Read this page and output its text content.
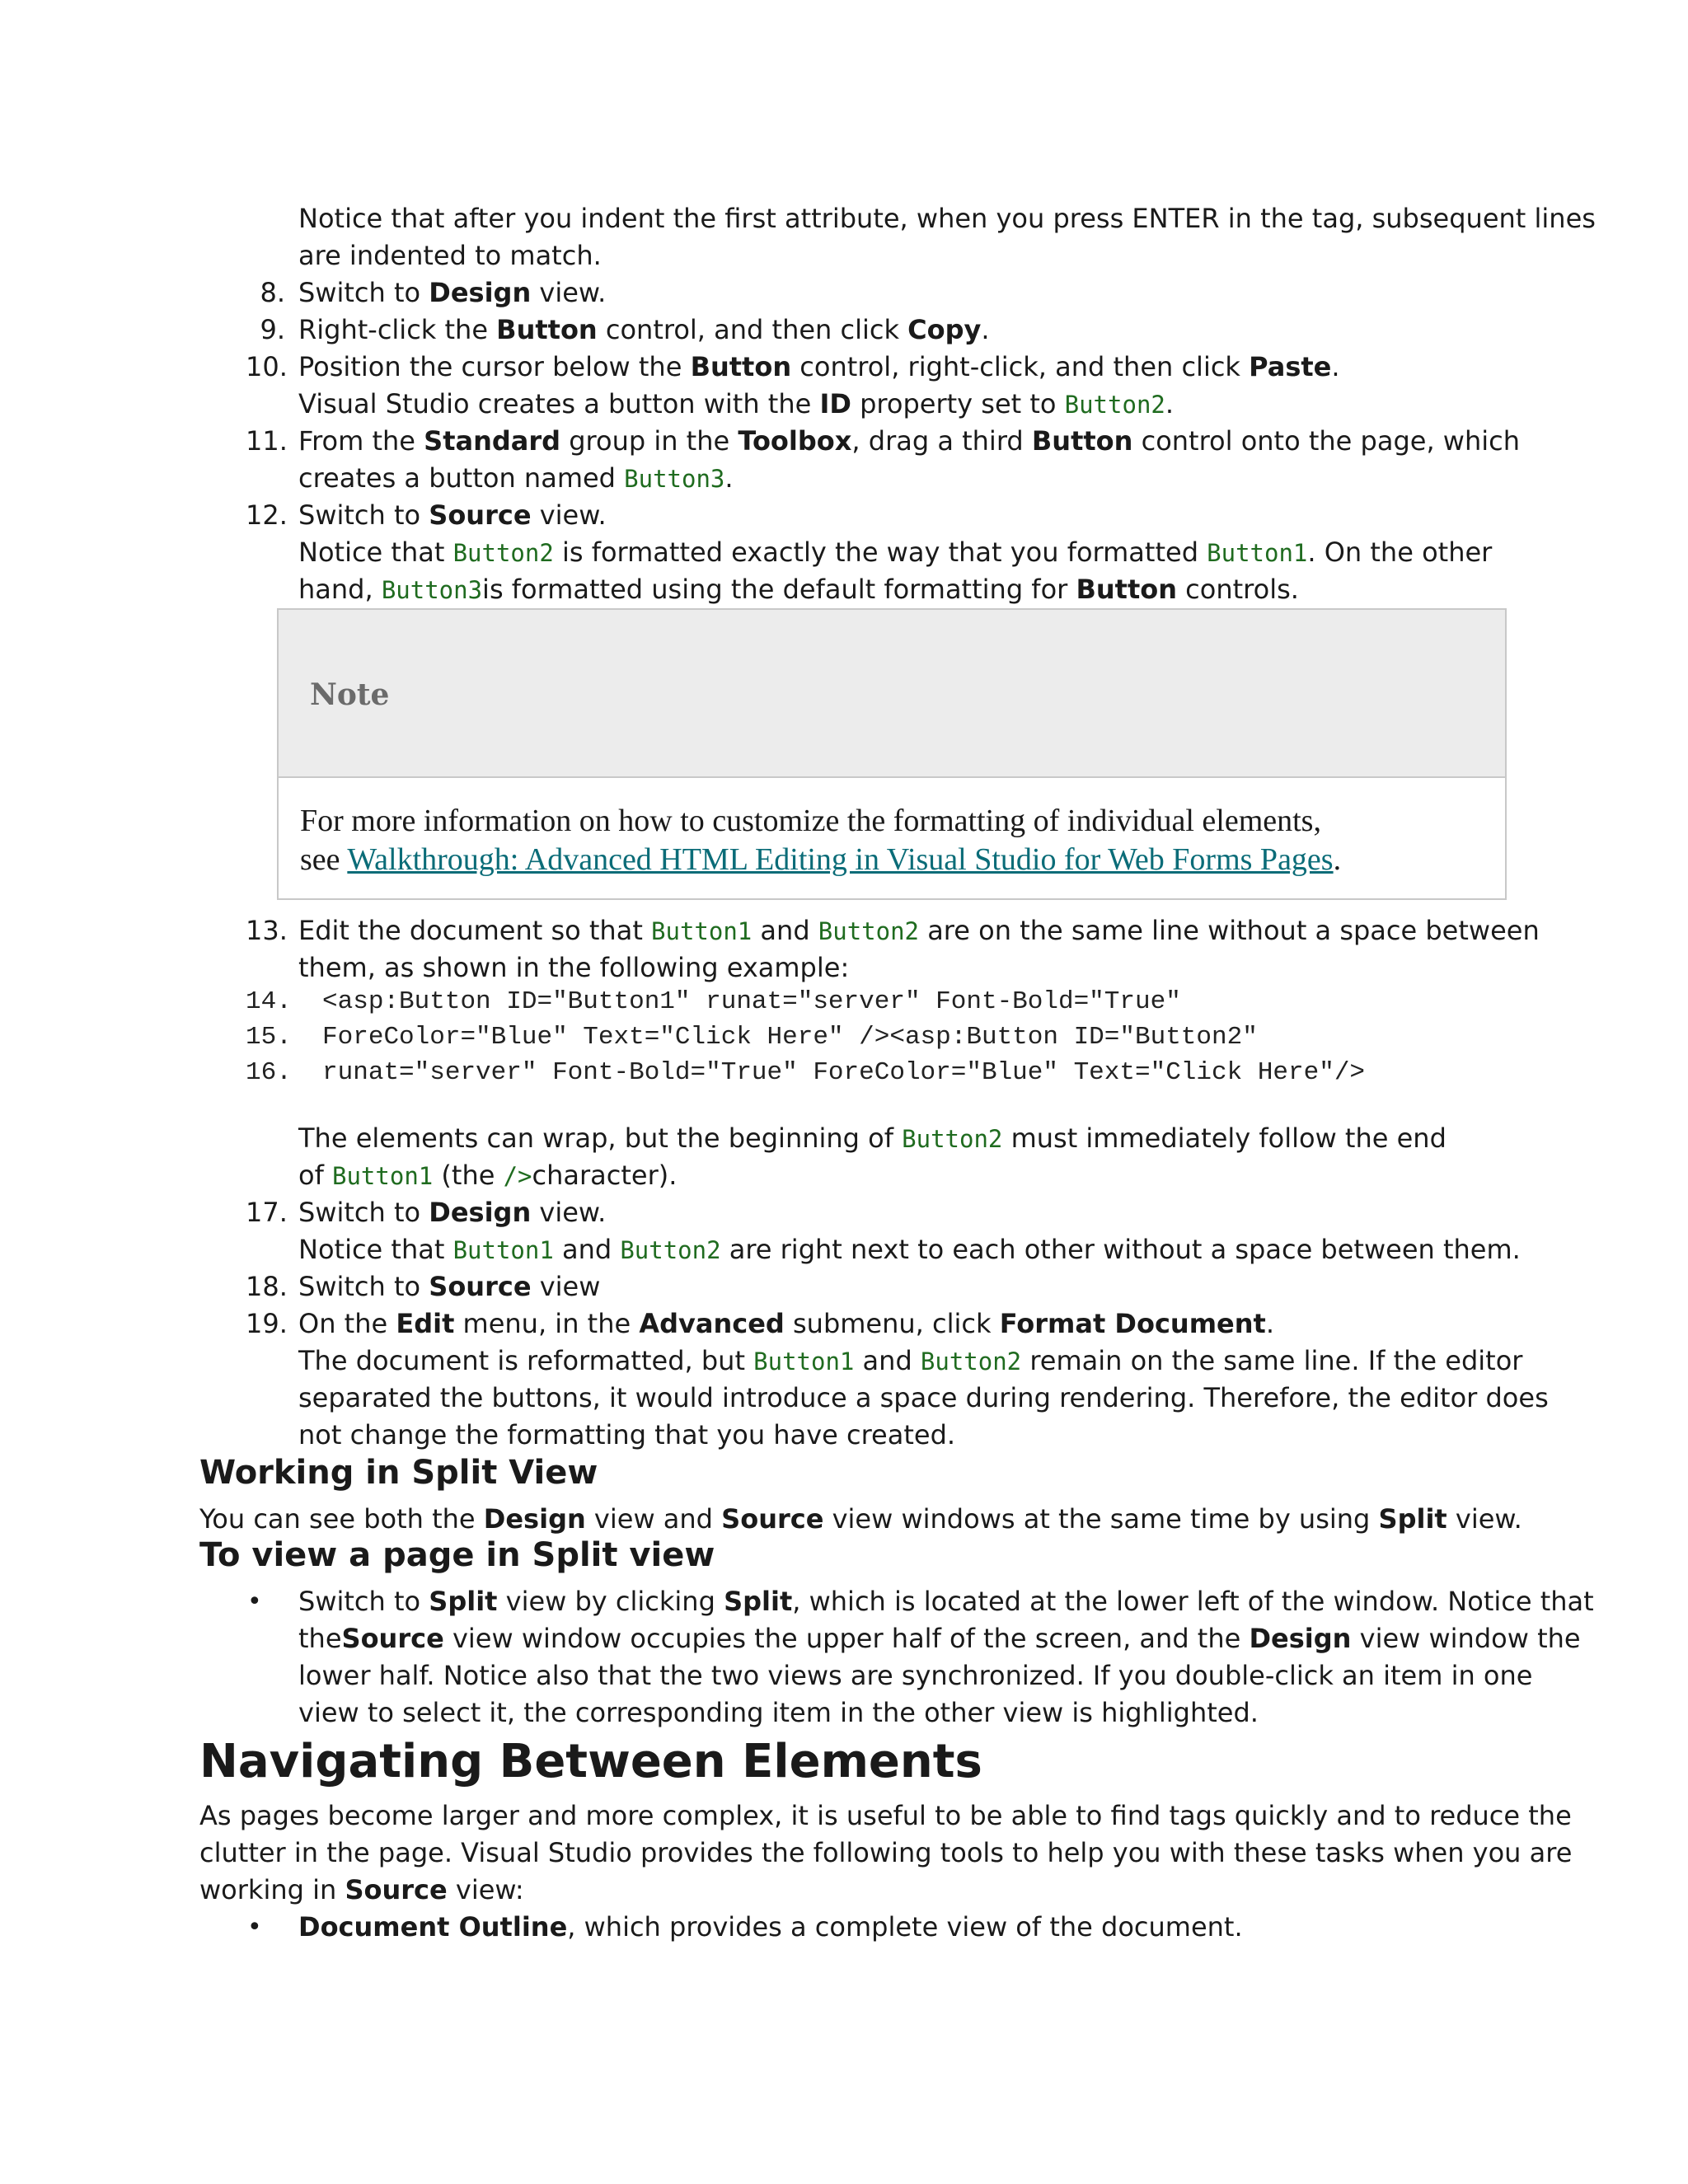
Notice that after you indent the first attribute, when you press ENTER in the tag, subsequent lines
are indented to match.
8. Switch to Design view.
9. Right-click the Button control, and then click Copy.
10. Position the cursor below the Button control, right-click, and then click Paste.
Visual Studio creates a button with the ID property set to Button2.
11. From the Standard group in the Toolbox, drag a third Button control onto the page, which
creates a button named Button3.
12. Switch to Source view.
Notice that Button2 is formatted exactly the way that you formatted Button1. On the other
hand, Button3is formatted using the default formatting for Button controls.
Note
For more information on how to customize the formatting of individual elements,
see Walkthrough: Advanced HTML Editing in Visual Studio for Web Forms Pages.
13. Edit the document so that Button1 and Button2 are on the same line without a space between
them, as shown in the following example:
14. <asp:Button ID="Button1" runat="server" Font-Bold="True"
15. ForeColor="Blue" Text="Click Here" /><asp:Button ID="Button2"
16. runat="server" Font-Bold="True" ForeColor="Blue" Text="Click Here"/>
The elements can wrap, but the beginning of Button2 must immediately follow the end
of Button1 (the />character).
17. Switch to Design view.
Notice that Button1 and Button2 are right next to each other without a space between them.
18. Switch to Source view
19. On the Edit menu, in the Advanced submenu, click Format Document.
The document is reformatted, but Button1 and Button2 remain on the same line. If the editor
separated the buttons, it would introduce a space during rendering. Therefore, the editor does
not change the formatting that you have created.
Working in Split View
You can see both the Design view and Source view windows at the same time by using Split view.
To view a page in Split view
• Switch to Split view by clicking Split, which is located at the lower left of the window. Notice that
theSource view window occupies the upper half of the screen, and the Design view window the
lower half. Notice also that the two views are synchronized. If you double-click an item in one
view to select it, the corresponding item in the other view is highlighted.
Navigating Between Elements
As pages become larger and more complex, it is useful to be able to find tags quickly and to reduce the
clutter in the page. Visual Studio provides the following tools to help you with these tasks when you are
working in Source view:
• Document Outline, which provides a complete view of the document.
